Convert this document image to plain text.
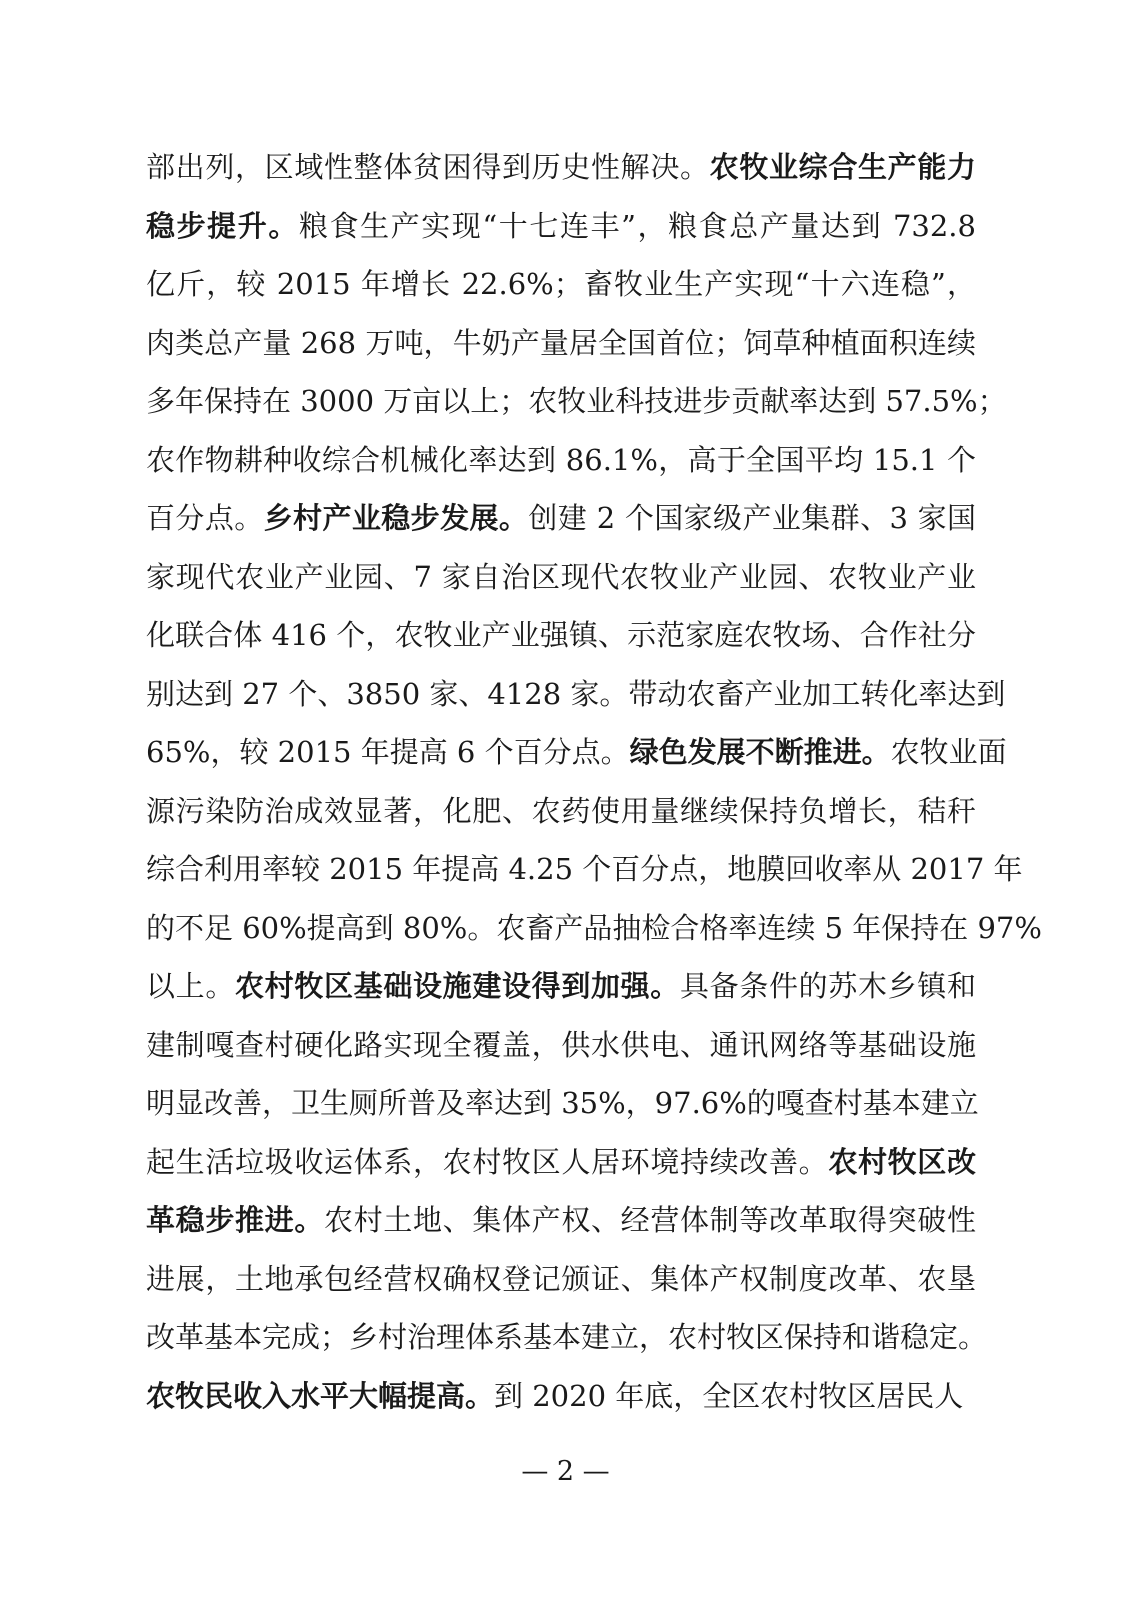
部出列，区域性整体贫困得到历史性解决。农牧业综合生产能力
稳步提升。粮食生产实现“十七连丰”，粮食总产量达到 732.8
亿斤，较 2015 年增长 22.6%；畜牧业生产实现“十六连稳”，
肉类总产量 268 万吨，牛奶产量居全国首位；饲草种植面积连续
多年保持在 3000 万亩以上；农牧业科技进步贡献率达到 57.5%；
农作物耕种收综合机械化率达到 86.1%，高于全国平均 15.1 个
百分点。乡村产业稳步发展。创建 2 个国家级产业集群、3 家国
家现代农业产业园、7 家自治区现代农牧业产业园、农牧业产业
化联合体 416 个，农牧业产业强镇、示范家庭农牧场、合作社分
别达到 27 个、3850 家、4128 家。带动农畜产业加工转化率达到
65%，较 2015 年提高 6 个百分点。绿色发展不断推进。农牧业面
源污染防治成效显著，化肥、农药使用量继续保持负增长，秸秆
综合利用率较 2015 年提高 4.25 个百分点，地膜回收率从 2017 年
的不足 60%提高到 80%。农畜产品抽检合格率连续 5 年保持在 97%
以上。农村牧区基础设施建设得到加强。具备条件的苏木乡镇和
建制嘎查村硬化路实现全覆盖，供水供电、通讯网络等基础设施
明显改善，卫生厕所普及率达到 35%，97.6%的嘎查村基本建立
起生活垃圾收运体系，农村牧区人居环境持续改善。农村牧区改
革稳步推进。农村土地、集体产权、经营体制等改革取得突破性
进展，土地承包经营权确权登记颁证、集体产权制度改革、农垦
改革基本完成；乡村治理体系基本建立，农村牧区保持和谐稳定。
农牧民收入水平大幅提高。到 2020 年底，全区农村牧区居民人
— 2 —
